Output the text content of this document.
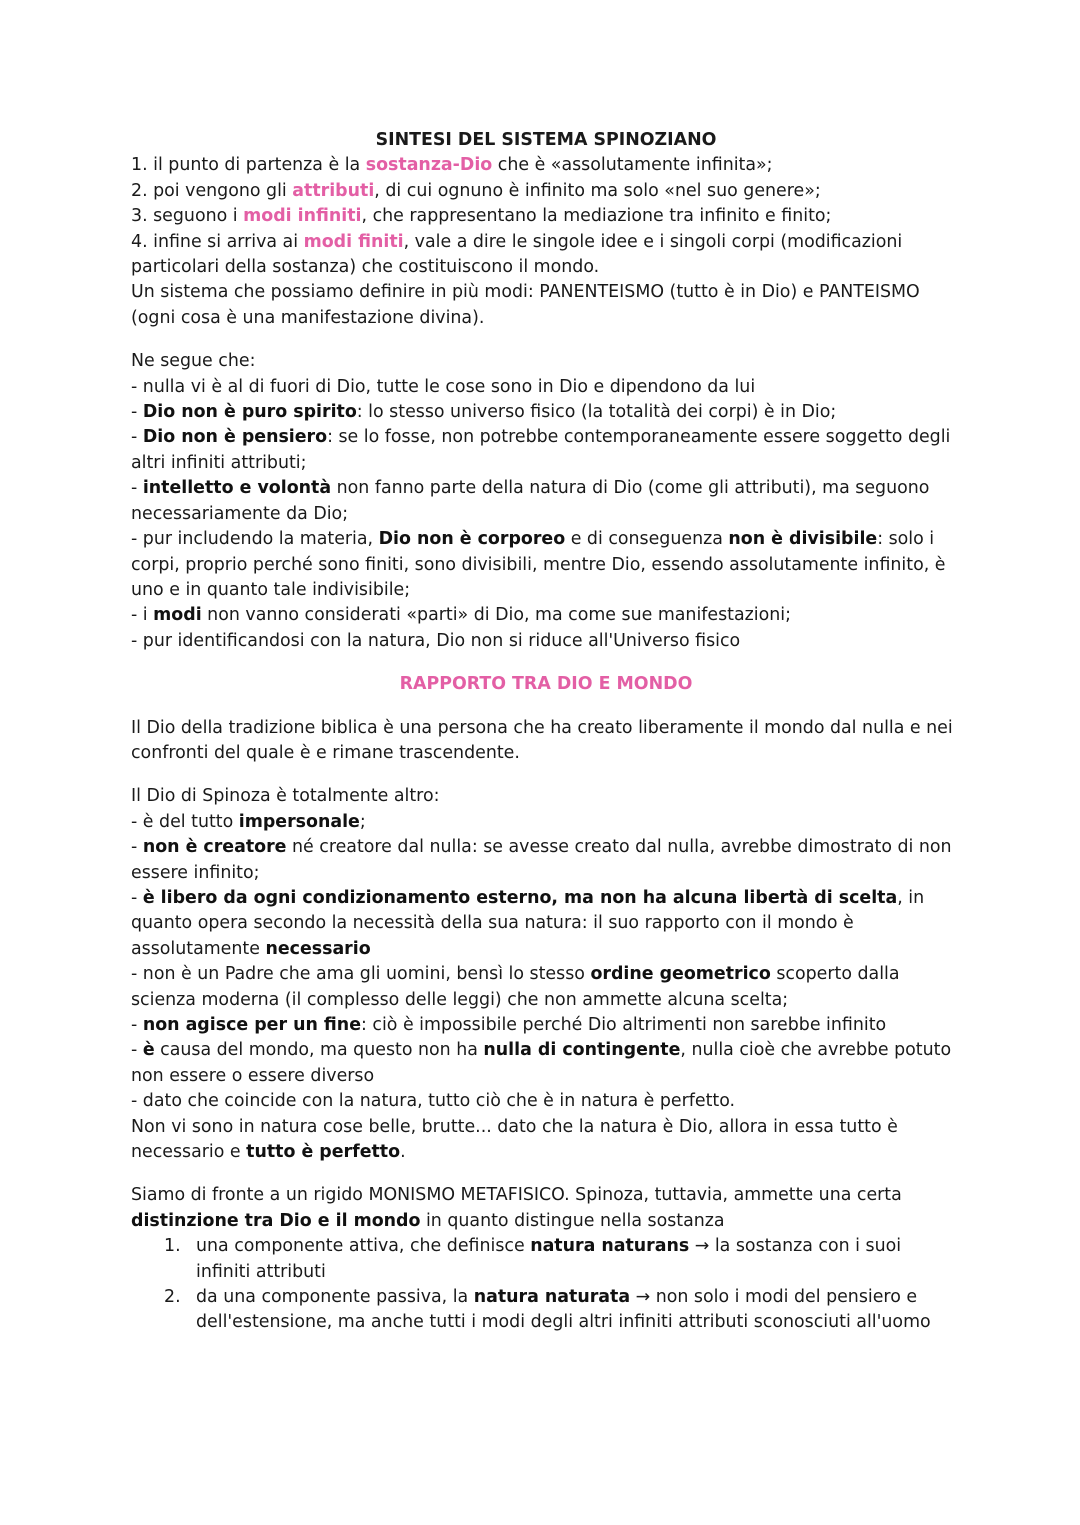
SINTESI DEL SISTEMA SPINOZIANO

1. il punto di partenza è la sostanza-Dio che è «assolutamente infinita»;

2. poi vengono gli attributi, di cui ognuno è infinito ma solo «nel suo genere»;

3. seguono i modi infiniti, che rappresentano la mediazione tra infinito e finito;

4. infine si arriva ai modi finiti, vale a dire le singole idee e i singoli corpi (modificazioni particolari della sostanza) che costituiscono il mondo.

Un sistema che possiamo definire in più modi: PANENTEISMO (tutto è in Dio) e PANTEISMO (ogni cosa è una manifestazione divina).

Ne segue che:

- nulla vi è al di fuori di Dio, tutte le cose sono in Dio e dipendono da lui

- Dio non è puro spirito: lo stesso universo fisico (la totalità dei corpi) è in Dio;

- Dio non è pensiero: se lo fosse, non potrebbe contemporaneamente essere soggetto degli altri infiniti attributi;

- intelletto e volontà non fanno parte della natura di Dio (come gli attributi), ma seguono necessariamente da Dio;

- pur includendo la materia, Dio non è corporeo e di conseguenza non è divisibile: solo i corpi, proprio perché sono finiti, sono divisibili, mentre Dio, essendo assolutamente infinito, è uno e in quanto tale indivisibile;

- i modi non vanno considerati «parti» di Dio, ma come sue manifestazioni;

- pur identificandosi con la natura, Dio non si riduce all'Universo fisico

RAPPORTO TRA DIO E MONDO

Il Dio della tradizione biblica è una persona che ha creato liberamente il mondo dal nulla e nei confronti del quale è e rimane trascendente.

Il Dio di Spinoza è totalmente altro:

- è del tutto impersonale;

- non è creatore né creatore dal nulla: se avesse creato dal nulla, avrebbe dimostrato di non essere infinito;

- è libero da ogni condizionamento esterno, ma non ha alcuna libertà di scelta, in quanto opera secondo la necessità della sua natura: il suo rapporto con il mondo è assolutamente necessario

- non è un Padre che ama gli uomini, bensì lo stesso ordine geometrico scoperto dalla scienza moderna (il complesso delle leggi) che non ammette alcuna scelta;

- non agisce per un fine: ciò è impossibile perché Dio altrimenti non sarebbe infinito

- è causa del mondo, ma questo non ha nulla di contingente, nulla cioè che avrebbe potuto non essere o essere diverso

- dato che coincide con la natura, tutto ciò che è in natura è perfetto.

Non vi sono in natura cose belle, brutte... dato che la natura è Dio, allora in essa tutto è necessario e tutto è perfetto.

Siamo di fronte a un rigido MONISMO METAFISICO. Spinoza, tuttavia, ammette una certa distinzione tra Dio e il mondo in quanto distingue nella sostanza

1. una componente attiva, che definisce natura naturans → la sostanza con i suoi infiniti attributi
2. da una componente passiva, la natura naturata → non solo i modi del pensiero e dell'estensione, ma anche tutti i modi degli altri infiniti attributi sconosciuti all'uomo
